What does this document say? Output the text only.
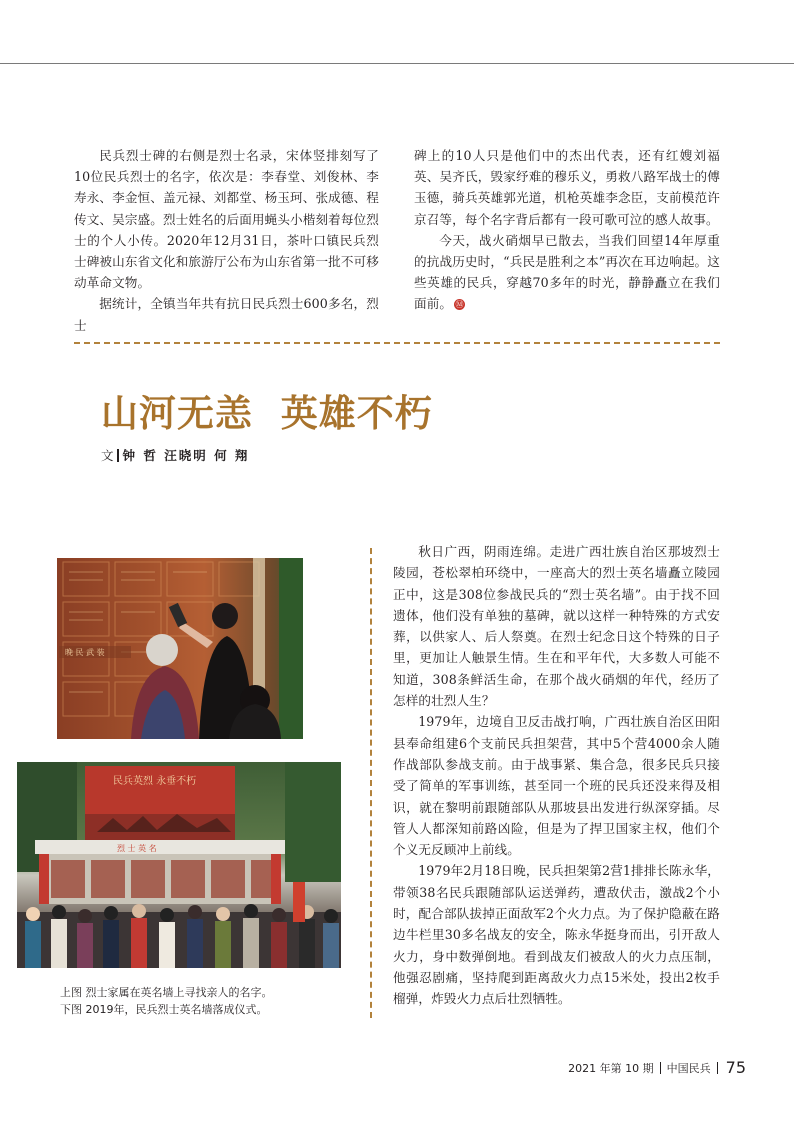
民兵烈士碑的右侧是烈士名录，宋体竖排刻写了10位民兵烈士的名字，依次是：李春堂、刘俊林、李寿永、李金恒、盖元禄、刘都堂、杨玉珂、张成德、程传文、吴宗盛。烈士姓名的后面用蝇头小楷刻着每位烈士的个人小传。2020年12月31日，茶叶口镇民兵烈士碑被山东省文化和旅游厅公布为山东省第一批不可移动革命文物。

据统计，全镇当年共有抗日民兵烈士600多名，烈士

碑上的10人只是他们中的杰出代表，还有红嫂刘福英、吴齐氏，毁家纾难的穆乐义，勇救八路军战士的傅玉德，骑兵英雄郭光道，机枪英雄李念臣，支前模范许京召等，每个名字背后都有一段可歌可泣的感人故事。

今天，战火硝烟早已散去，当我们回望14年厚重的抗战历史时，“兵民是胜利之本”再次在耳边响起。这些英雄的民兵，穿越70多年的时光，静静矗立在我们面前。 Ⓜ

山河无恙  英雄不朽
文 钟 哲 汪晓明 何 翔
晚 民 武 装
民兵英烈 永垂不朽
烈 士 英 名
上图 烈士家属在英名墙上寻找亲人的名字。
下图 2019年，民兵烈士英名墙落成仪式。

秋日广西，阴雨连绵。走进广西壮族自治区那坡烈士陵园，苍松翠柏环绕中，一座高大的烈士英名墙矗立陵园正中，这是308位参战民兵的“烈士英名墙”。由于找不回遗体，他们没有单独的墓碑，就以这样一种特殊的方式安葬，以供家人、后人祭奠。在烈士纪念日这个特殊的日子里，更加让人触景生情。生在和平年代，大多数人可能不知道，308条鲜活生命，在那个战火硝烟的年代，经历了怎样的壮烈人生？

1979年，边境自卫反击战打响，广西壮族自治区田阳县奉命组建6个支前民兵担架营，其中5个营4000余人随作战部队参战支前。由于战事紧、集合急，很多民兵只接受了简单的军事训练，甚至同一个班的民兵还没来得及相识，就在黎明前跟随部队从那坡县出发进行纵深穿插。尽管人人都深知前路凶险，但是为了捍卫国家主权，他们个个义无反顾冲上前线。

1979年2月18日晚，民兵担架第2营1排排长陈永华，带领38名民兵跟随部队运送弹药，遭敌伏击，激战2个小时，配合部队拔掉正面敌军2个火力点。为了保护隐蔽在路边牛栏里30多名战友的安全，陈永华挺身而出，引开敌人火力，身中数弹倒地。看到战友们被敌人的火力点压制，他强忍剧痛，坚持爬到距离敌火力点15米处，投出2枚手榴弹，炸毁火力点后壮烈牺牲。

2021 年第 10 期 中国民兵 75
